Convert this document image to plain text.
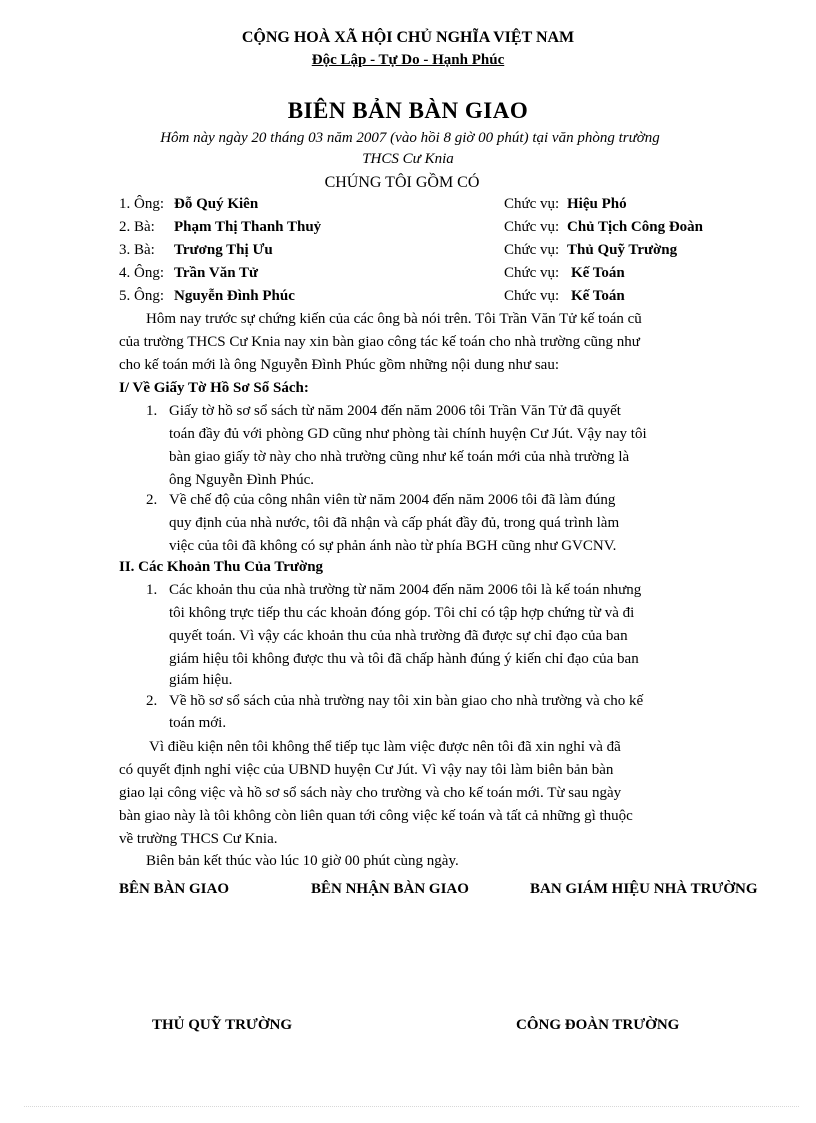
CỘNG HOÀ XÃ HỘI CHỦ NGHĨA VIỆT NAM
Độc Lập - Tự Do - Hạnh Phúc
BIÊN BẢN BÀN GIAO
Hôm này ngày 20 tháng 03 năm 2007 (vào hồi 8 giờ 00 phút) tại văn phòng trường
THCS Cư Knia
CHÚNG TÔI GỒM CÓ
1. Ông: Đỗ Quý Kiên	Chức vụ: Hiệu Phó
2. Bà: Phạm Thị Thanh Thuỷ	Chức vụ: Chủ Tịch Công Đoàn
3. Bà: Trương Thị Ưu	Chức vụ: Thủ Quỹ Trường
4. Ông: Trần Văn Tử	Chức vụ: Kế Toán
5. Ông: Nguyễn Đình Phúc	Chức vụ: Kế Toán
Hôm nay trước sự chứng kiến của các ông bà nói trên. Tôi Trần Văn Tử kế toán cũ
của trường THCS Cư Knia nay xin bàn giao công tác kế toán cho nhà trường cũng như
cho kế toán mới là ông Nguyễn Đình Phúc gồm những nội dung như sau:
I/ Về Giấy Tờ Hồ Sơ Sổ Sách:
1. Giấy tờ hồ sơ sổ sách từ năm 2004 đến năm 2006 tôi Trần Văn Tử đã quyết
toán đầy đủ với phòng GD cũng như phòng tài chính huyện Cư Jút. Vậy nay tôi
bàn giao giấy tờ này cho nhà trường cũng như kế toán mới của nhà trường là
ông Nguyễn Đình Phúc.
2. Về chế độ của công nhân viên từ năm 2004 đến năm 2006 tôi đã làm đúng
quy định của nhà nước, tôi đã nhận và cấp phát đầy đủ, trong quá trình làm
việc của tôi đã không có sự phản ánh nào từ phía BGH cũng như GVCNV.
II. Các Khoản Thu Của Trường
1. Các khoản thu của nhà trường từ năm 2004 đến năm 2006 tôi là kế toán nhưng
tôi không trực tiếp thu các khoản đóng góp. Tôi chỉ có tập hợp chứng từ và đi
quyết toán. Vì vậy các khoản thu của nhà trường đã được sự chỉ đạo của ban
giám hiệu tôi không được thu và tôi đã chấp hành đúng ý kiến chỉ đạo của ban
giám hiệu.
2. Về hồ sơ sổ sách của nhà trường nay tôi xin bàn giao cho nhà trường và cho kế
toán mới.
Vì điều kiện nên tôi không thể tiếp tục làm việc được nên tôi đã xin nghỉ và đã
có quyết định nghỉ việc của UBND huyện Cư Jút. Vì vậy nay tôi làm biên bản bàn
giao lại công việc và hồ sơ sổ sách này cho trường và cho kế toán mới. Từ sau ngày
bàn giao này là tôi không còn liên quan tới công việc kế toán và tất cả những gì thuộc
về trường THCS Cư Knia.
Biên bản kết thúc vào lúc 10 giờ 00 phút cùng ngày.
BÊN BÀN GIAO	BÊN NHẬN BÀN GIAO	BAN GIÁM HIỆU NHÀ TRƯỜNG
THỦ QUỸ TRƯỜNG	CÔNG ĐOÀN TRƯỜNG
